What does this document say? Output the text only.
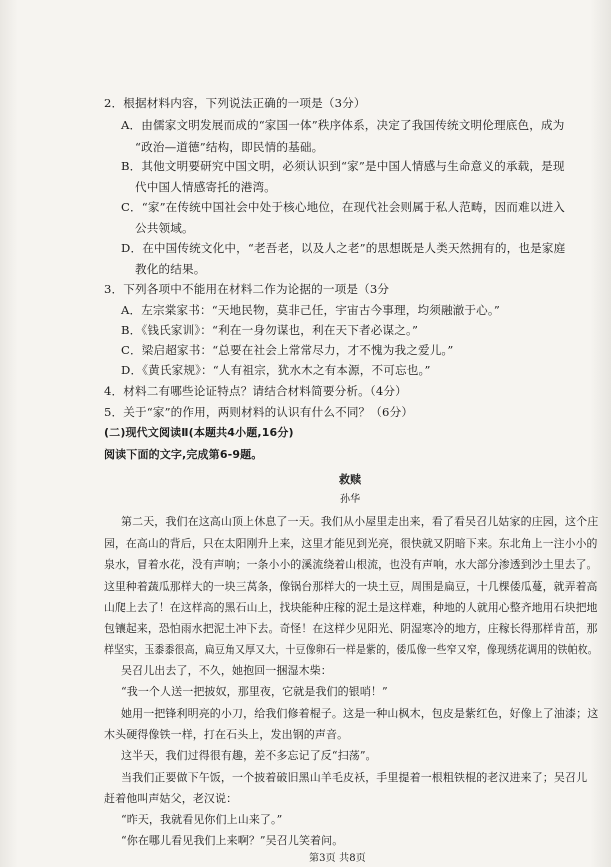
2．根据材料内容，下列说法正确的一项是（3分）
A．由儒家文明发展而成的“家国一体”秩序体系，决定了我国传统文明伦理底色，成为
“政治—道德”结构，即民情的基础。
B．其他文明要研究中国文明，必须认识到“家”是中国人情感与生命意义的承载，是现
代中国人情感寄托的港湾。
C．“家”在传统中国社会中处于核心地位，在现代社会则属于私人范畴，因而难以进入
公共领域。
D．在中国传统文化中，“老吾老，以及人之老”的思想既是人类天然拥有的，也是家庭
教化的结果。
3．下列各项中不能用在材料二作为论据的一项是（3分
A．左宗棠家书：“天地民物，莫非己任，宇宙古今事理，均须融澈于心。”
B．《钱氏家训》：“利在一身勿谋也，利在天下者必谋之。”
C．梁启超家书：“总要在社会上常常尽力，才不愧为我之爱儿。”
D．《黄氏家规》：“人有祖宗，犹水木之有本源，不可忘也。”
4．材料二有哪些论证特点？请结合材料简要分析。（4分）
5．关于“家”的作用，两则材料的认识有什么不同？（6分）
(二)现代文阅读Ⅱ(本题共4小题,16分)
阅读下面的文字,完成第6-9题。
救赎
孙华
第二天，我们在这高山顶上休息了一天。我们从小屋里走出来，看了看吴召儿姑家的庄园，这个庄
园，在高山的背后，只在太阳刚升上来，这里才能见到光亮，很快就又阴暗下来。东北角上一注小小的
泉水，冒着水花，没有声响；一条小小的溪流绕着山根流，也没有声响，水大部分渗透到沙土里去了。
这里种着蔬瓜那样大的一块三莴条，像锅台那样大的一块土豆，周围是扁豆，十几棵倭瓜蔓，就弄着高
山爬上去了！在这样高的黑石山上，找块能种庄稼的泥土是这样难，种地的人就用心整齐地用石块把地
包镶起来，恐怕雨水把泥土冲下去。奇怪！在这样少见阳光、阴湿寒冷的地方，庄稼长得那样肯茁，那
样坚实，玉黍黍很高，扁豆角又厚又大，十豆像卵石一样是紫的，倭瓜像一些窄又窄，像现绣花调用的铁帕枚。
吴召儿出去了，不久，她抱回一捆湿木柴：
“我一个人送一把披奴，那里夜，它就是我们的银哨！”
她用一把锋利明亮的小刀，给我们修着棍子。这是一种山枫木，包皮是紫红色，好像上了油漆；这
木头硬得像铁一样，打在石头上，发出钢的声音。
这半天，我们过得很有趣，差不多忘记了反“扫荡”。
当我们正要做下午饭，一个披着破旧黑山羊毛皮袄，手里提着一根粗铁棍的老汉进来了；吴召儿
赶着他叫声姑父，老汉说：
“昨天，我就看见你们上山来了。”
“你在哪儿看见我们上来啊？”吴召儿笑着问。
第3页 共8页
